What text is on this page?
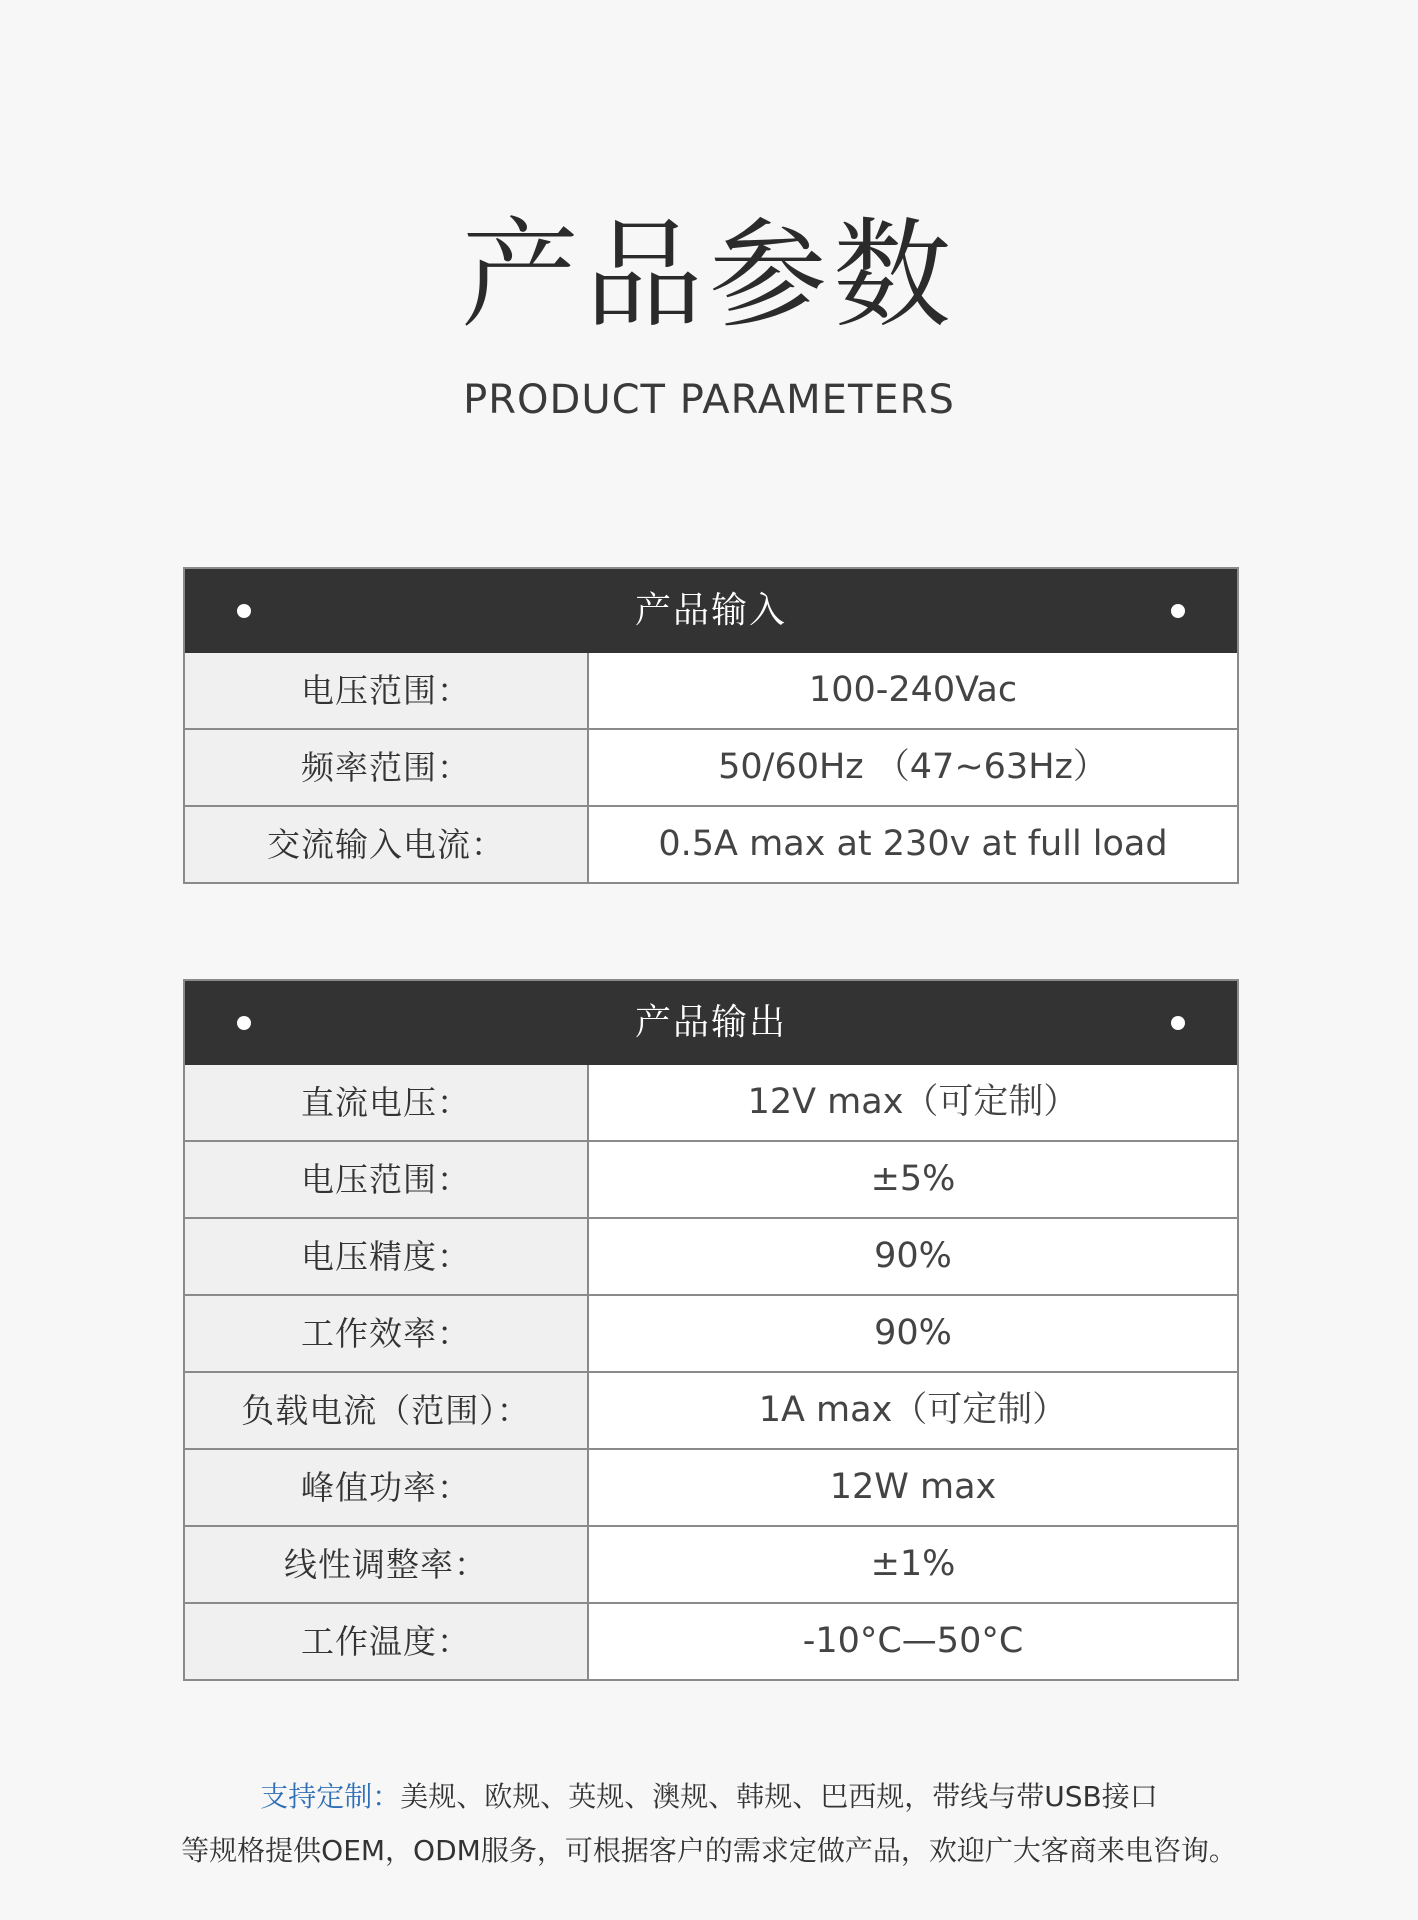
产品参数
PRODUCT PARAMETERS
产品输入
电压范围：	100-240Vac
频率范围：	50/60Hz （47~63Hz）
交流输入电流：	0.5A max at 230v at full load
产品输出
直流电压：	12V max（可定制）
电压范围：	±5%
电压精度：	90%
工作效率：	90%
负载电流（范围）：	1A max（可定制）
峰值功率：	12W max
线性调整率：	±1%
工作温度：	-10°C—50°C
支持定制：美规、欧规、英规、澳规、韩规、巴西规，带线与带USB接口
等规格提供OEM，ODM服务，可根据客户的需求定做产品，欢迎广大客商来电咨询。
